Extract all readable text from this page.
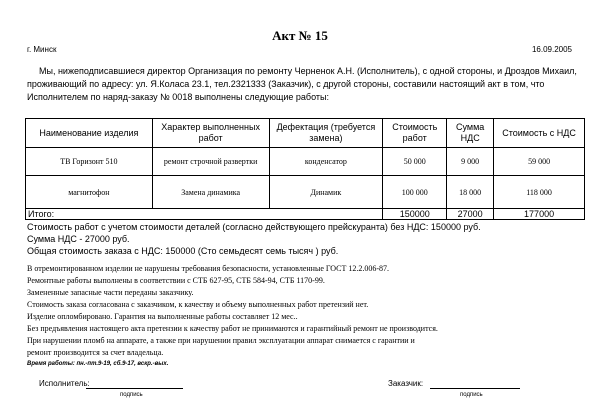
Акт № 15
г. Минск	16.09.2005
Мы, нижеподписавшиеся директор Организация по ремонту Черненок А.Н. (Исполнитель), с одной стороны, и Дроздов Михаил, проживающий по адресу: ул. Я.Коласа 23.1, тел.2321333 (Заказчик), с другой стороны, составили настоящий акт в том, что Исполнителем по наряд-заказу № 0018 выполнены следующие работы:
Наименование изделия	Характер выполненных работ	Дефектация (требуется замена)	Стоимость работ	Сумма НДС	Стоимость с НДС
ТВ Горизонт 510	ремонт строчной развертки	конденсатор	50 000	9 000	59 000
магнитофон	Замена динамика	Динамик	100 000	18 000	118 000
Итого:			150000	27000	177000
Стоимость работ с учетом стоимости деталей (согласно действующего прейскуранта) без НДС: 150000 руб.
Сумма НДС - 27000 руб.
Общая стоимость заказа с НДС: 150000 (Сто семьдесят семь тысяч ) руб.
В отремонтированном изделии не нарушены требования безопасности, установленные ГОСТ 12.2.006-87.
Ремонтные работы выполнены в соответствии с СТБ 627-95, СТБ 584-94, СТБ 1170-99.
Замененные запасные части переданы заказчику.
Стоимость заказа согласована с заказчиком, к качеству и объему выполненных работ претензий нет.
Изделие опломбировано. Гарантия на выполненные работы составляет 12 мес..
Без предъявления настоящего акта претензии к качеству работ не принимаются и гарантийный ремонт не производится.
При нарушении пломб на аппарате, а также при нарушении правил эксплуатации аппарат снимается с гарантии и
ремонт производится за счет владельца.
Время работы: пн.-пт.9-19, сб.9-17, вскр.-вых.
Исполнитель:
подпись
Заказчик:
подпись
